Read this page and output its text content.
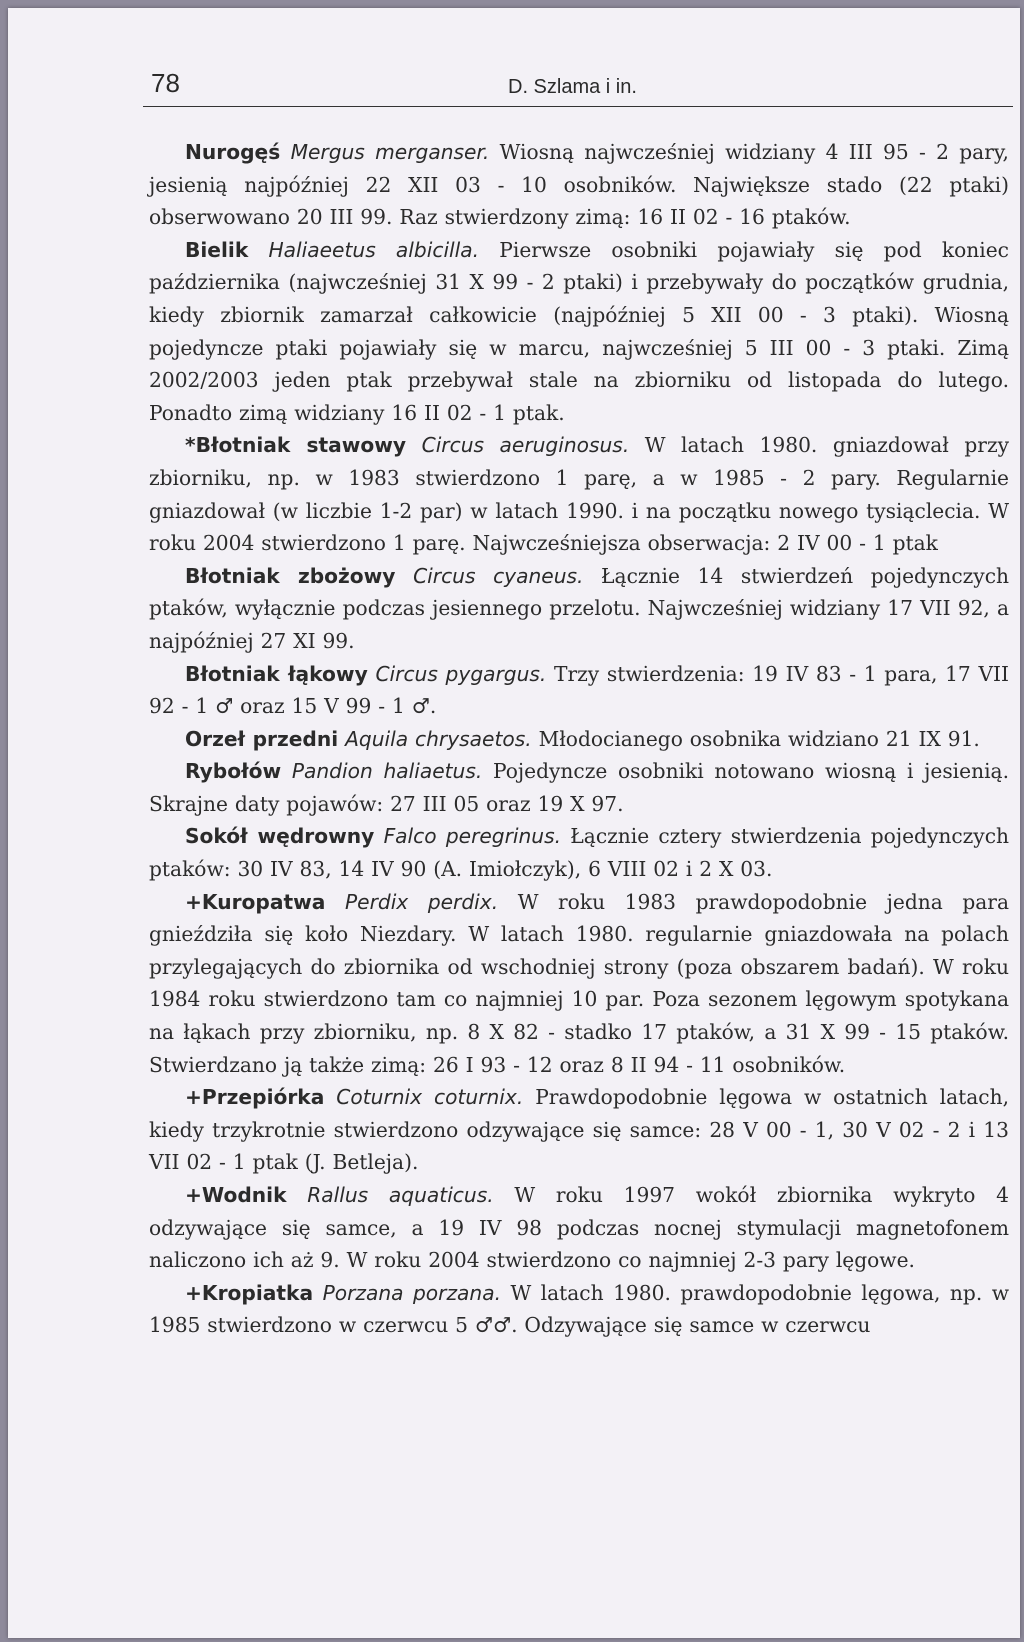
78	D. Szlama i in.

Nurogęś Mergus merganser. Wiosną najwcześniej widziany 4 III 95 - 2 pary, jesienią najpóźniej 22 XII 03 - 10 osobników. Największe stado (22 ptaki) obserwowano 20 III 99. Raz stwierdzony zimą: 16 II 02 - 16 ptaków.

Bielik Haliaeetus albicilla. Pierwsze osobniki pojawiały się pod koniec października (najwcześniej 31 X 99 - 2 ptaki) i przebywały do początków grudnia, kiedy zbiornik zamarzał całkowicie (najpóźniej 5 XII 00 - 3 ptaki). Wiosną pojedyncze ptaki pojawiały się w marcu, najwcześniej 5 III 00 - 3 ptaki. Zimą 2002/2003 jeden ptak przebywał stale na zbiorniku od listopada do lutego. Ponadto zimą widziany 16 II 02 - 1 ptak.

*Błotniak stawowy Circus aeruginosus. W latach 1980. gniazdował przy zbiorniku, np. w 1983 stwierdzono 1 parę, a w 1985 - 2 pary. Regularnie gniazdował (w liczbie 1-2 par) w latach 1990. i na początku nowego tysiąclecia. W roku 2004 stwierdzono 1 parę. Najwcześniejsza obserwacja: 2 IV 00 - 1 ptak

Błotniak zbożowy Circus cyaneus. Łącznie 14 stwierdzeń pojedynczych ptaków, wyłącznie podczas jesiennego przelotu. Najwcześniej widziany 17 VII 92, a najpóźniej 27 XI 99.

Błotniak łąkowy Circus pygargus. Trzy stwierdzenia: 19 IV 83 - 1 para, 17 VII 92 - 1 ♂ oraz 15 V 99 - 1 ♂.

Orzeł przedni Aquila chrysaetos. Młodocianego osobnika widziano 21 IX 91.

Rybołów Pandion haliaetus. Pojedyncze osobniki notowano wiosną i jesienią. Skrajne daty pojawów: 27 III 05 oraz 19 X 97.

Sokół wędrowny Falco peregrinus. Łącznie cztery stwierdzenia pojedynczych ptaków: 30 IV 83, 14 IV 90 (A. Imiołczyk), 6 VIII 02 i 2 X 03.

+Kuropatwa Perdix perdix. W roku 1983 prawdopodobnie jedna para gnieździła się koło Niezdary. W latach 1980. regularnie gniazdowała na polach przylegających do zbiornika od wschodniej strony (poza obszarem badań). W roku 1984 roku stwierdzono tam co najmniej 10 par. Poza sezonem lęgowym spotykana na łąkach przy zbiorniku, np. 8 X 82 - stadko 17 ptaków, a 31 X 99 - 15 ptaków. Stwierdzano ją także zimą: 26 I 93 - 12 oraz 8 II 94 - 11 osobników.

+Przepiórka Coturnix coturnix. Prawdopodobnie lęgowa w ostatnich latach, kiedy trzykrotnie stwierdzono odzywające się samce: 28 V 00 - 1, 30 V 02 - 2 i 13 VII 02 - 1 ptak (J. Betleja).

+Wodnik Rallus aquaticus. W roku 1997 wokół zbiornika wykryto 4 odzywające się samce, a 19 IV 98 podczas nocnej stymulacji magnetofonem naliczono ich aż 9. W roku 2004 stwierdzono co najmniej 2-3 pary lęgowe.

+Kropiatka Porzana porzana. W latach 1980. prawdopodobnie lęgowa, np. w 1985 stwierdzono w czerwcu 5 ♂♂. Odzywające się samce w czerwcu
